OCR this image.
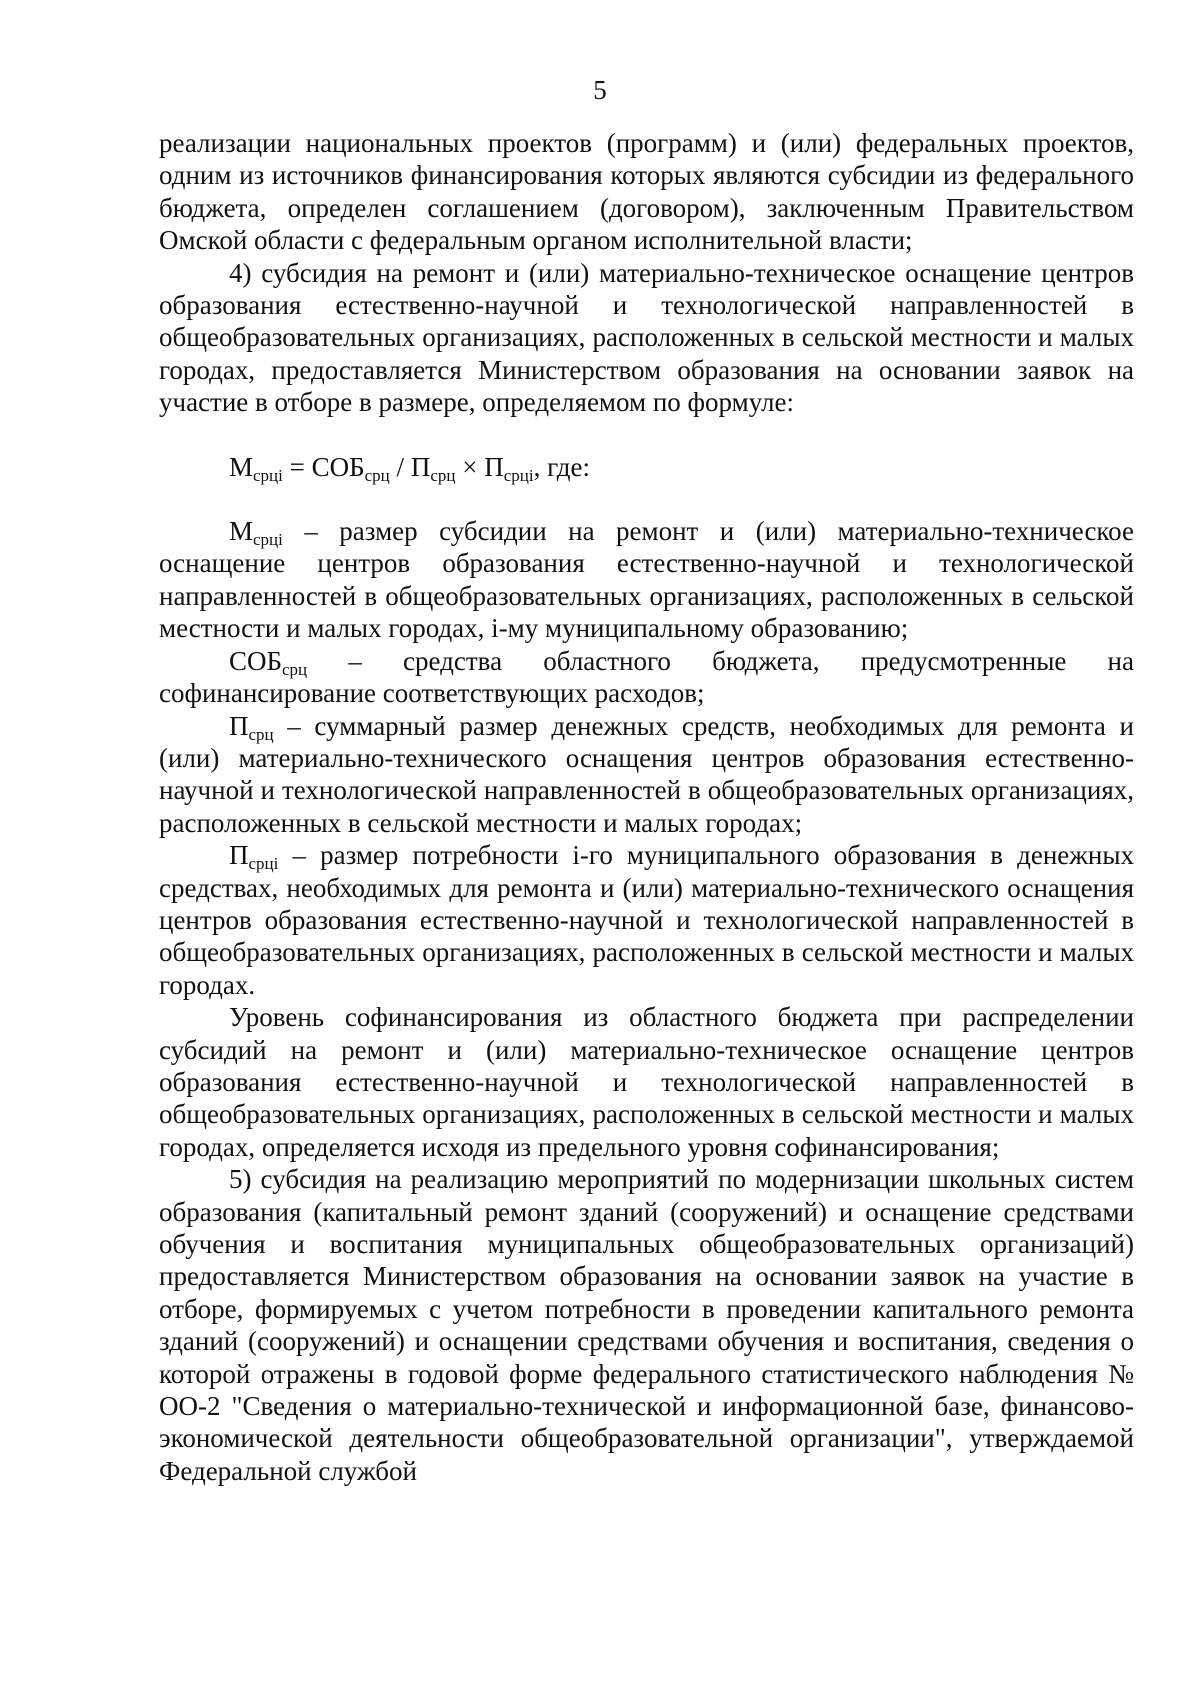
5

реализации национальных проектов (программ) и (или) федеральных проектов, одним из источников финансирования которых являются субсидии из федерального бюджета, определен соглашением (договором), заключенным Правительством Омской области с федеральным органом исполнительной власти;

4) субсидия на ремонт и (или) материально-техническое оснащение центров образования естественно-научной и технологической направленностей в общеобразовательных организациях, расположенных в сельской местности и малых городах, предоставляется Министерством образования на основании заявок на участие в отборе в размере, определяемом по формуле:

$М_{срці} = СОБ_{срц} / П_{срц} \times П_{срці}$, где:

$М_{срці}$ – размер субсидии на ремонт и (или) материально-техническое оснащение центров образования естественно-научной и технологической направленностей в общеобразовательных организациях, расположенных в сельской местности и малых городах, i-му муниципальному образованию;

$СОБ_{срц}$ – средства областного бюджета, предусмотренные на софинансирование соответствующих расходов;

$П_{срц}$ – суммарный размер денежных средств, необходимых для ремонта и (или) материально-технического оснащения центров образования естественно-научной и технологической направленностей в общеобразовательных организациях, расположенных в сельской местности и малых городах;

$П_{срці}$ – размер потребности i-го муниципального образования в денежных средствах, необходимых для ремонта и (или) материально-технического оснащения центров образования естественно-научной и технологической направленностей в общеобразовательных организациях, расположенных в сельской местности и малых городах.

Уровень софинансирования из областного бюджета при распределении субсидий на ремонт и (или) материально-техническое оснащение центров образования естественно-научной и технологической направленностей в общеобразовательных организациях, расположенных в сельской местности и малых городах, определяется исходя из предельного уровня софинансирования;

5) субсидия на реализацию мероприятий по модернизации школьных систем образования (капитальный ремонт зданий (сооружений) и оснащение средствами обучения и воспитания муниципальных общеобразовательных организаций) предоставляется Министерством образования на основании заявок на участие в отборе, формируемых с учетом потребности в проведении капитального ремонта зданий (сооружений) и оснащении средствами обучения и воспитания, сведения о которой отражены в годовой форме федерального статистического наблюдения № ОО-2 "Сведения о материально-технической и информационной базе, финансово-экономической деятельности общеобразовательной организации", утверждаемой Федеральной службой
